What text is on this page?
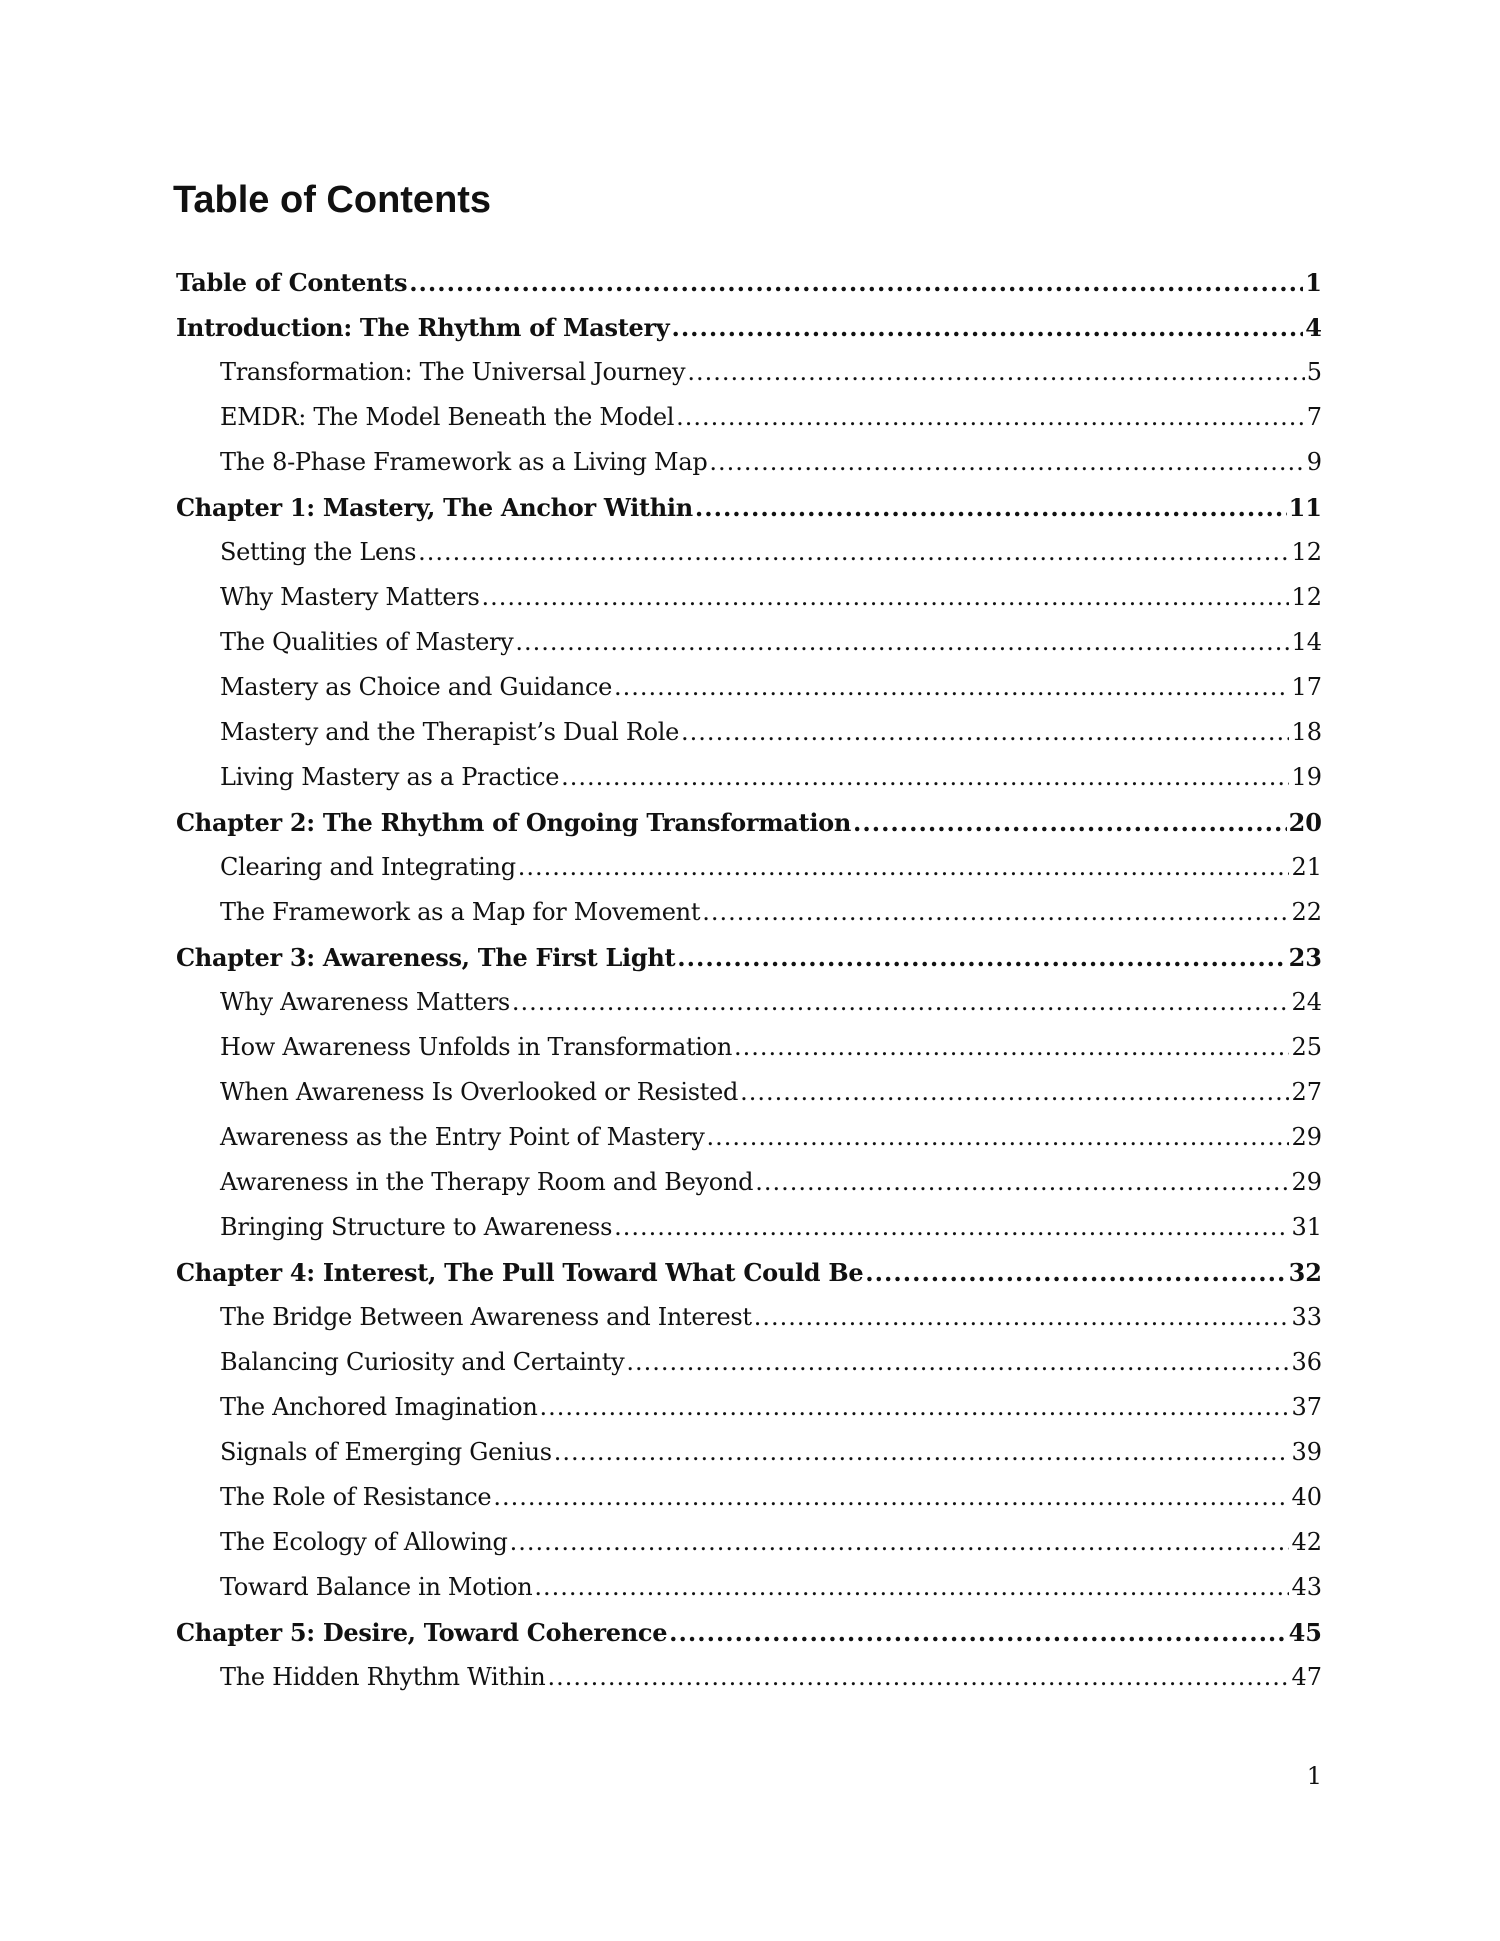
Table of Contents
Table of Contents .....	1
Introduction: The Rhythm of Mastery .....	4
Transformation: The Universal Journey .....	5
EMDR: The Model Beneath the Model .....	7
The 8-Phase Framework as a Living Map .....	9
Chapter 1: Mastery, The Anchor Within .....	11
Setting the Lens .....	12
Why Mastery Matters .....	12
The Qualities of Mastery .....	14
Mastery as Choice and Guidance .....	17
Mastery and the Therapist’s Dual Role .....	18
Living Mastery as a Practice .....	19
Chapter 2: The Rhythm of Ongoing Transformation .....	20
Clearing and Integrating .....	21
The Framework as a Map for Movement .....	22
Chapter 3: Awareness, The First Light .....	23
Why Awareness Matters .....	24
How Awareness Unfolds in Transformation .....	25
When Awareness Is Overlooked or Resisted .....	27
Awareness as the Entry Point of Mastery .....	29
Awareness in the Therapy Room and Beyond .....	29
Bringing Structure to Awareness .....	31
Chapter 4: Interest, The Pull Toward What Could Be .....	32
The Bridge Between Awareness and Interest .....	33
Balancing Curiosity and Certainty .....	36
The Anchored Imagination .....	37
Signals of Emerging Genius .....	39
The Role of Resistance .....	40
The Ecology of Allowing .....	42
Toward Balance in Motion .....	43
Chapter 5: Desire, Toward Coherence .....	45
The Hidden Rhythm Within .....	47
1
